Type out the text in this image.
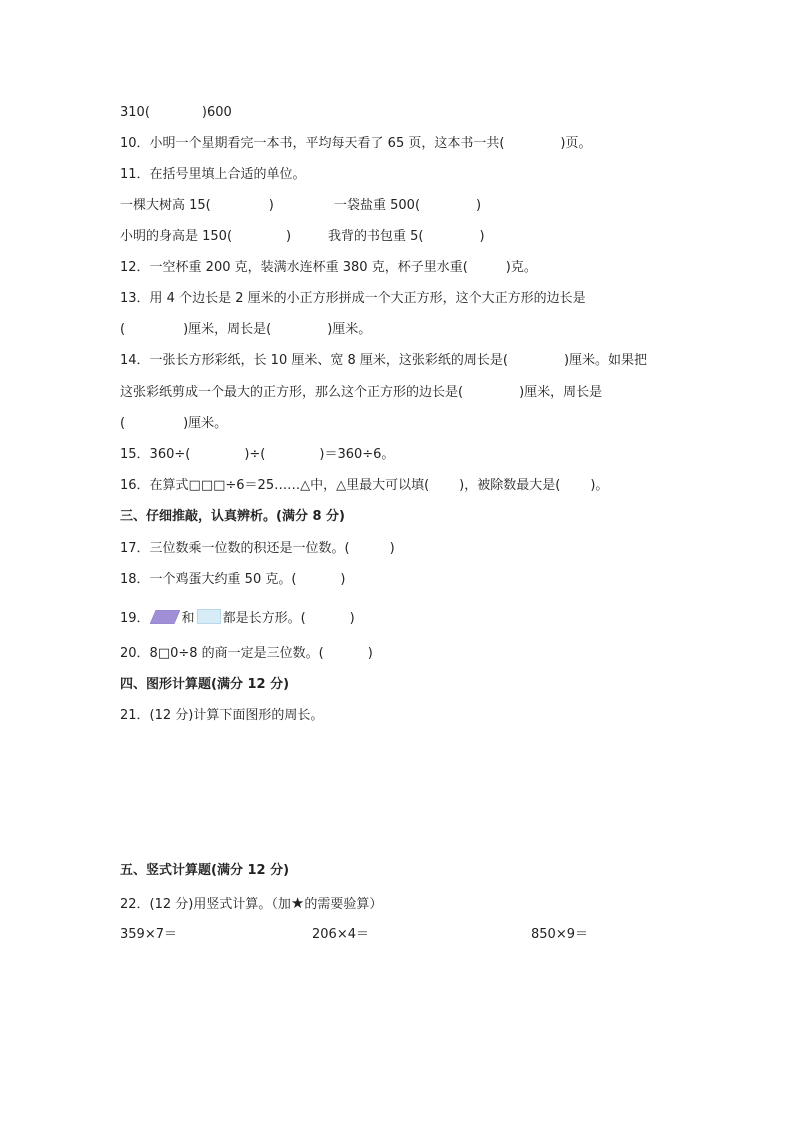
310(	)600
10．小明一个星期看完一本书，平均每天看了 65 页，这本书一共(	)页。
11．在括号里填上合适的单位。
一棵大树高 15(	)	一袋盐重 500(	)
小明的身高是 150(	)	我背的书包重 5(	)
12．一空杯重 200 克，装满水连杯重 380 克，杯子里水重(	)克。
13．用 4 个边长是 2 厘米的小正方形拼成一个大正方形，这个大正方形的边长是
(	)厘米，周长是(	)厘米。
14．一张长方形彩纸，长 10 厘米、宽 8 厘米，这张彩纸的周长是(	)厘米。如果把
这张彩纸剪成一个最大的正方形，那么这个正方形的边长是(	)厘米，周长是
(	)厘米。
15．360÷(	)÷(	)＝360÷6。
16．在算式□□□÷6＝25……△中，△里最大可以填( )，被除数最大是( )。
三、仔细推敲，认真辨析。(满分 8 分)
17．三位数乘一位数的积还是一位数。(	)
18．一个鸡蛋大约重 50 克。(	)
19． 和 都是长方形。(	)
20．8□0÷8 的商一定是三位数。(	)
四、图形计算题(满分 12 分)
21．(12 分)计算下面图形的周长。
五、竖式计算题(满分 12 分)
22．(12 分)用竖式计算。（加★的需要验算）
359×7＝	206×4＝	850×9＝
